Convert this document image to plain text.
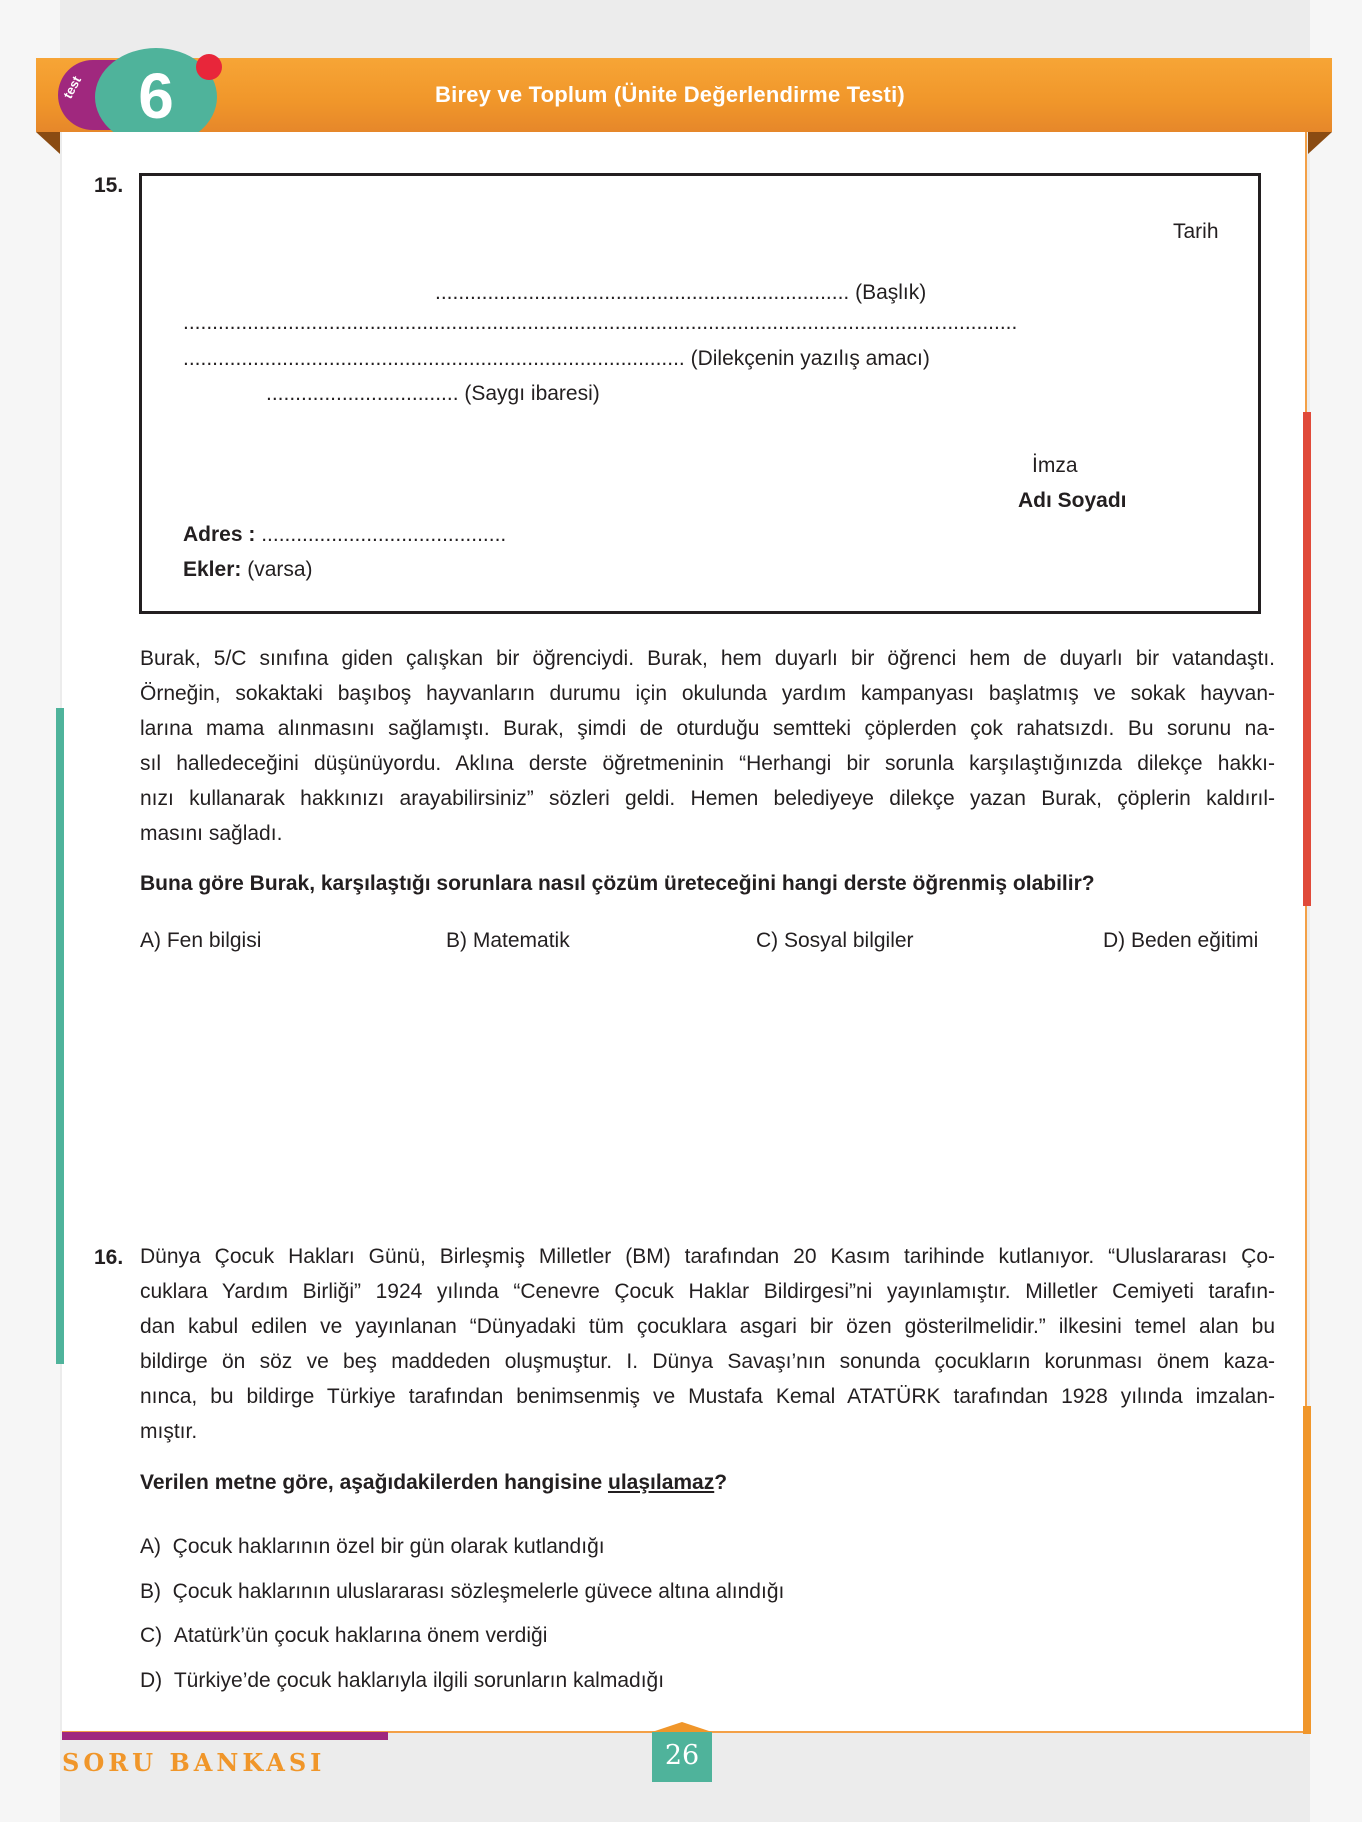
Birey ve Toplum (Ünite Değerlendirme Testi)
test 6
15.
Tarih
....................................................................... (Başlık)
...............................................................................................................................................
...................................................................................... (Dilekçenin yazılış amacı)
................................. (Saygı ibaresi)
İmza
Adı Soyadı
Adres : ..........................................
Ekler: (varsa)
Burak, 5/C sınıfına giden çalışkan bir öğrenciydi. Burak, hem duyarlı bir öğrenci hem de duyarlı bir vatandaştı.
Örneğin, sokaktaki başıboş hayvanların durumu için okulunda yardım kampanyası başlatmış ve sokak hayvan-
larına mama alınmasını sağlamıştı. Burak, şimdi de oturduğu semtteki çöplerden çok rahatsızdı. Bu sorunu na-
sıl halledeceğini düşünüyordu. Aklına derste öğretmeninin “Herhangi bir sorunla karşılaştığınızda dilekçe hakkı-
nızı kullanarak hakkınızı arayabilirsiniz” sözleri geldi. Hemen belediyeye dilekçe yazan Burak, çöplerin kaldırıl-
masını sağladı.
Buna göre Burak, karşılaştığı sorunlara nasıl çözüm üreteceğini hangi derste öğrenmiş olabilir?
A) Fen bilgisi	B) Matematik	C) Sosyal bilgiler	D) Beden eğitimi
16. Dünya Çocuk Hakları Günü, Birleşmiş Milletler (BM) tarafından 20 Kasım tarihinde kutlanıyor. “Uluslararası Ço-
cuklara Yardım Birliği” 1924 yılında “Cenevre Çocuk Haklar Bildirgesi”ni yayınlamıştır. Milletler Cemiyeti tarafın-
dan kabul edilen ve yayınlanan “Dünyadaki tüm çocuklara asgari bir özen gösterilmelidir.” ilkesini temel alan bu
bildirge ön söz ve beş maddeden oluşmuştur. I. Dünya Savaşı’nın sonunda çocukların korunması önem kaza-
nınca, bu bildirge Türkiye tarafından benimsenmiş ve Mustafa Kemal ATATÜRK tarafından 1928 yılında imzalan-
mıştır.
Verilen metne göre, aşağıdakilerden hangisine ulaşılamaz?
A) Çocuk haklarının özel bir gün olarak kutlandığı
B) Çocuk haklarının uluslararası sözleşmelerle güvece altına alındığı
C) Atatürk’ün çocuk haklarına önem verdiği
D) Türkiye’de çocuk haklarıyla ilgili sorunların kalmadığı
SORU BANKASI	26
